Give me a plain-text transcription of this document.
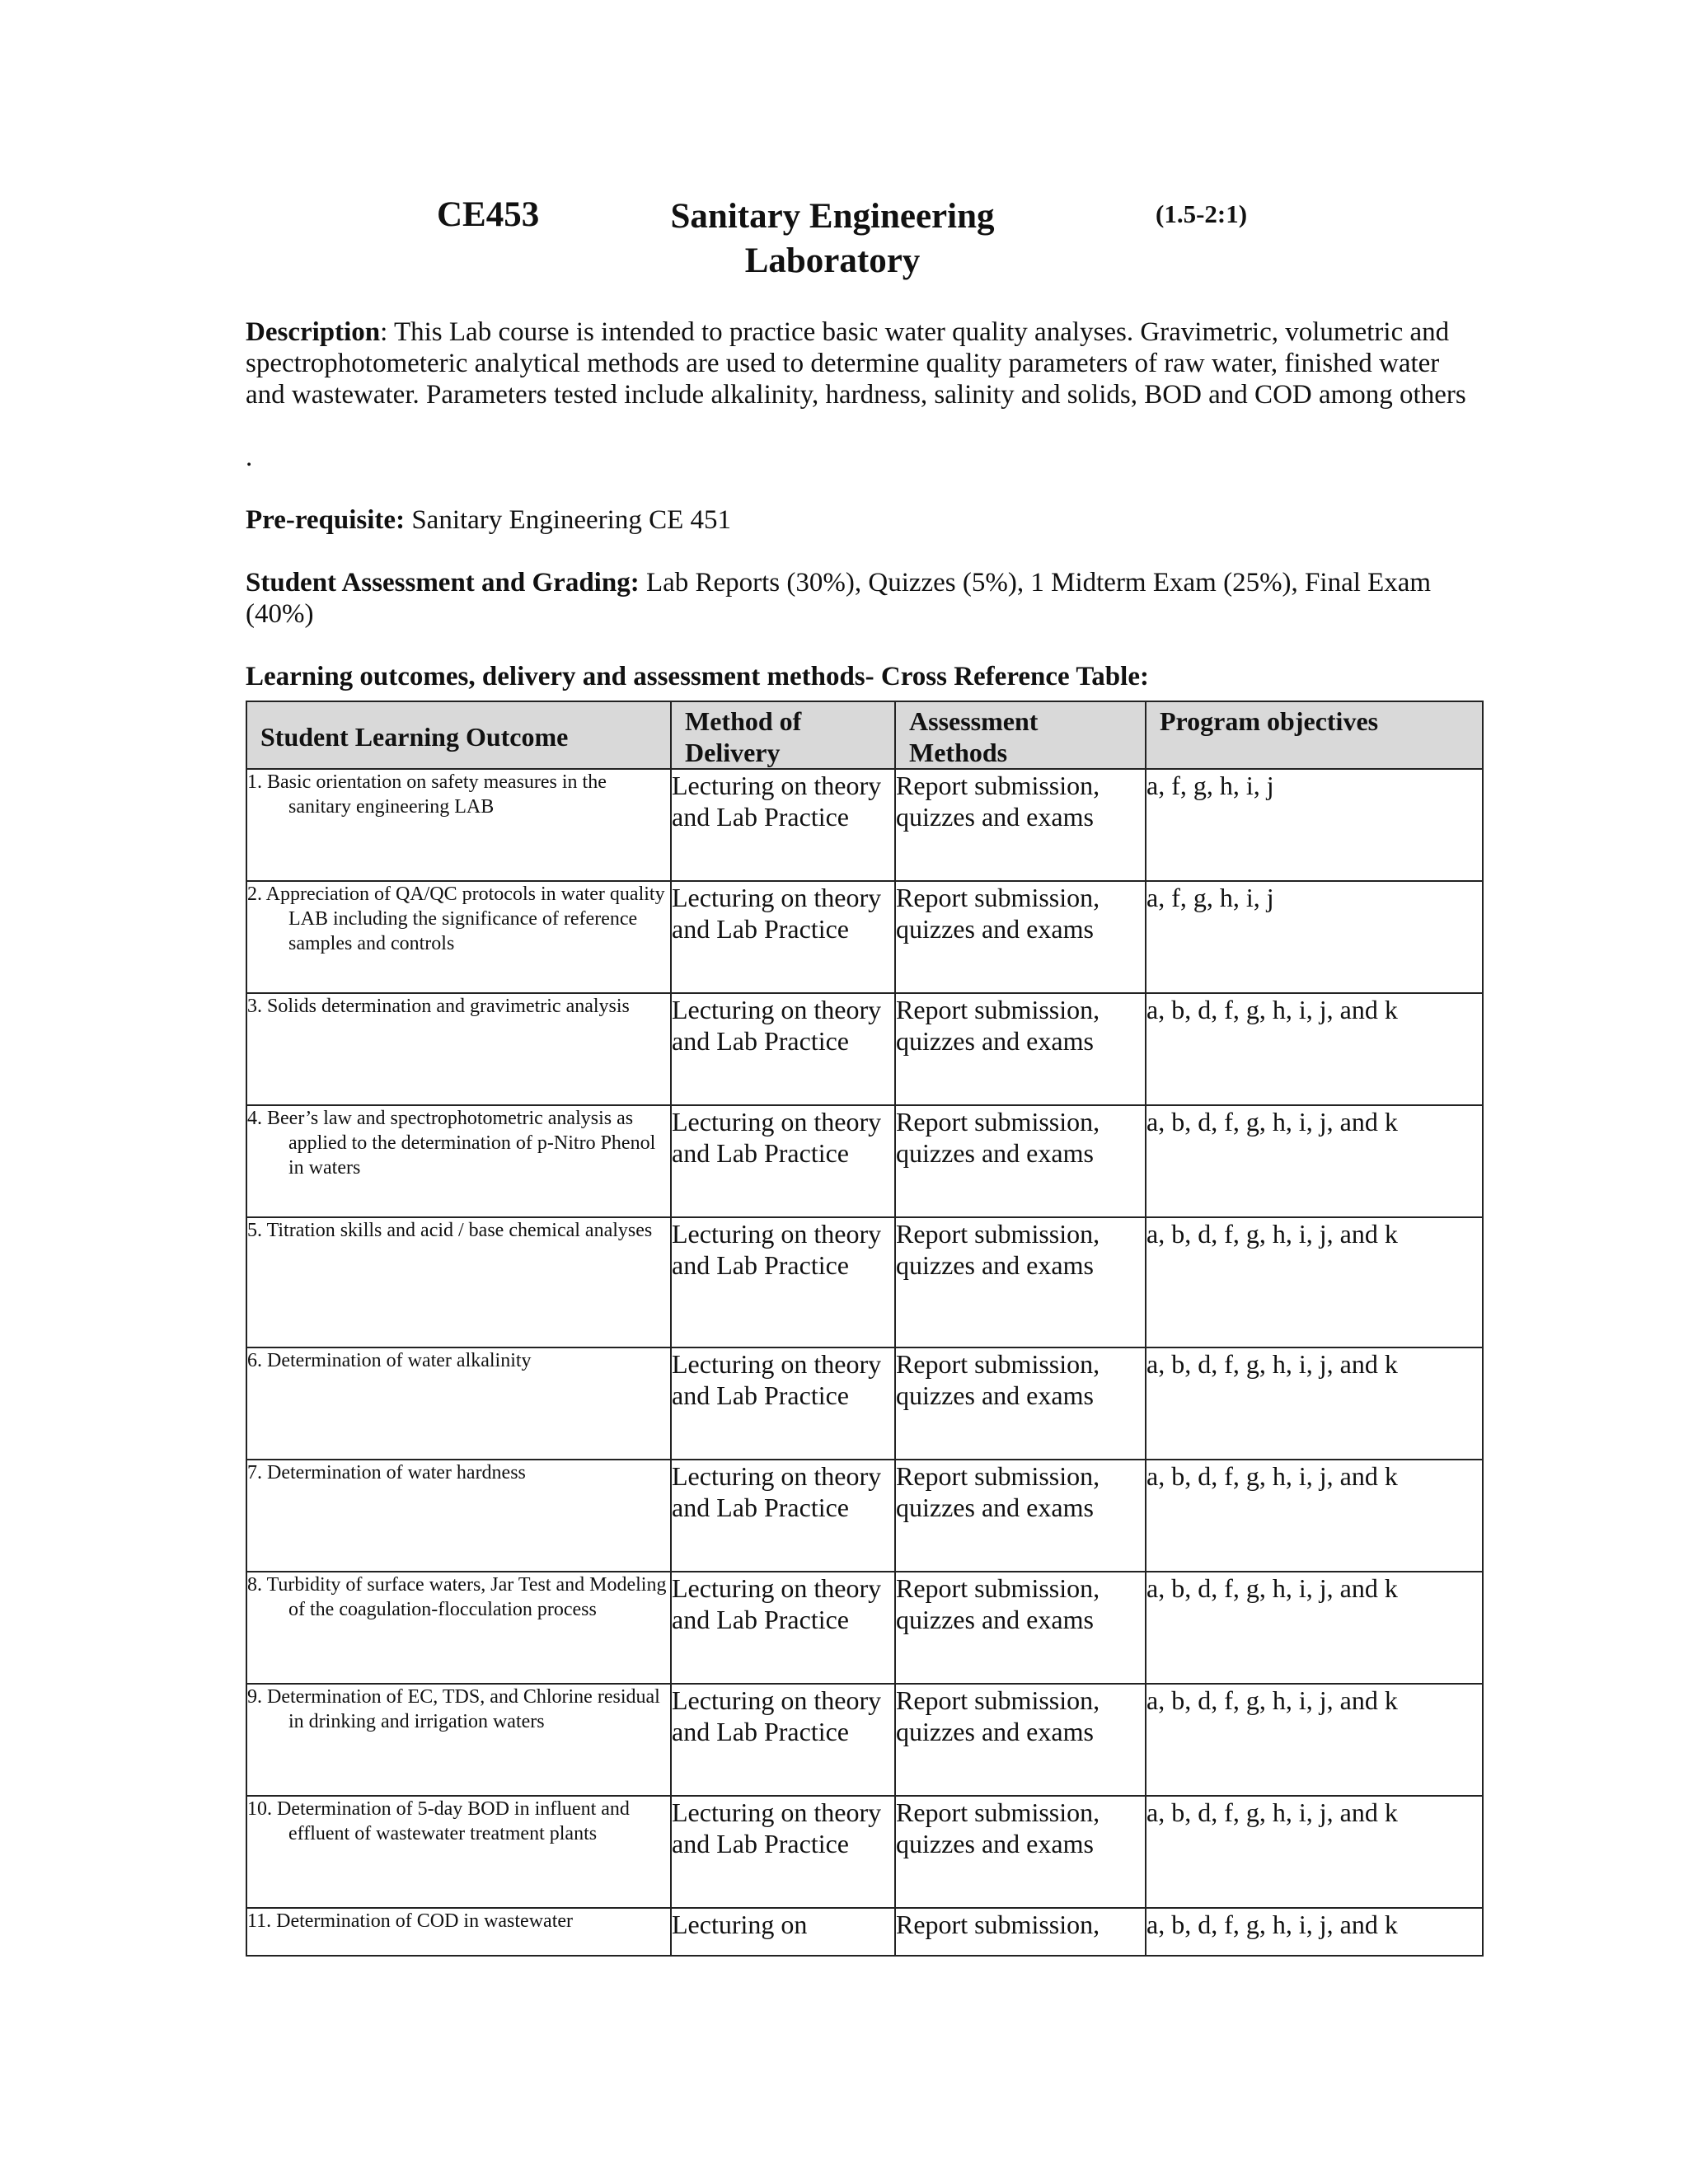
CE453	Sanitary Engineering Laboratory
(1.5-2:1)
Description: This Lab course is intended to practice basic water quality analyses. Gravimetric, volumetric and spectrophotometeric analytical methods are used to determine quality parameters of raw water, finished water and wastewater. Parameters tested include alkalinity, hardness, salinity and solids, BOD and COD among others
.
Pre-requisite: Sanitary Engineering CE 451
Student Assessment and Grading: Lab Reports (30%), Quizzes (5%), 1 Midterm Exam (25%), Final Exam (40%)
Learning outcomes, delivery and assessment methods- Cross Reference Table:
Student Learning Outcome	Method of Delivery	Assessment Methods	Program objectives

1. Basic orientation on safety measures in the sanitary engineering LAB	Lecturing on theory and Lab Practice	Report submission, quizzes and exams	a, f, g, h, i, j

2. Appreciation of QA/QC protocols in water quality LAB including the significance of reference samples and controls	Lecturing on theory and Lab Practice	Report submission, quizzes and exams	a, f, g, h, i, j

3. Solids determination and gravimetric analysis	Lecturing on theory and Lab Practice	Report submission, quizzes and exams	a, b, d, f, g, h, i, j, and k

4. Beer’s law and spectrophotometric analysis as applied to the determination of p-Nitro Phenol in waters	Lecturing on theory and Lab Practice	Report submission, quizzes and exams	a, b, d, f, g, h, i, j, and k

5. Titration skills and acid / base chemical analyses	Lecturing on theory and Lab Practice	Report submission, quizzes and exams	a, b, d, f, g, h, i, j, and k

6. Determination of water alkalinity	Lecturing on theory and Lab Practice	Report submission, quizzes and exams	a, b, d, f, g, h, i, j, and k

7. Determination of water hardness	Lecturing on theory and Lab Practice	Report submission, quizzes and exams	a, b, d, f, g, h, i, j, and k

8. Turbidity of surface waters, Jar Test and Modeling of the coagulation-flocculation process	Lecturing on theory and Lab Practice	Report submission, quizzes and exams	a, b, d, f, g, h, i, j, and k

9. Determination of EC, TDS, and Chlorine residual in drinking and irrigation waters	Lecturing on theory and Lab Practice	Report submission, quizzes and exams	a, b, d, f, g, h, i, j, and k

10. Determination of 5-day BOD in influent and effluent of wastewater treatment plants	Lecturing on theory and Lab Practice	Report submission, quizzes and exams	a, b, d, f, g, h, i, j, and k

11. Determination of COD in wastewater	Lecturing on	Report submission,	a, b, d, f, g, h, i, j, and k
